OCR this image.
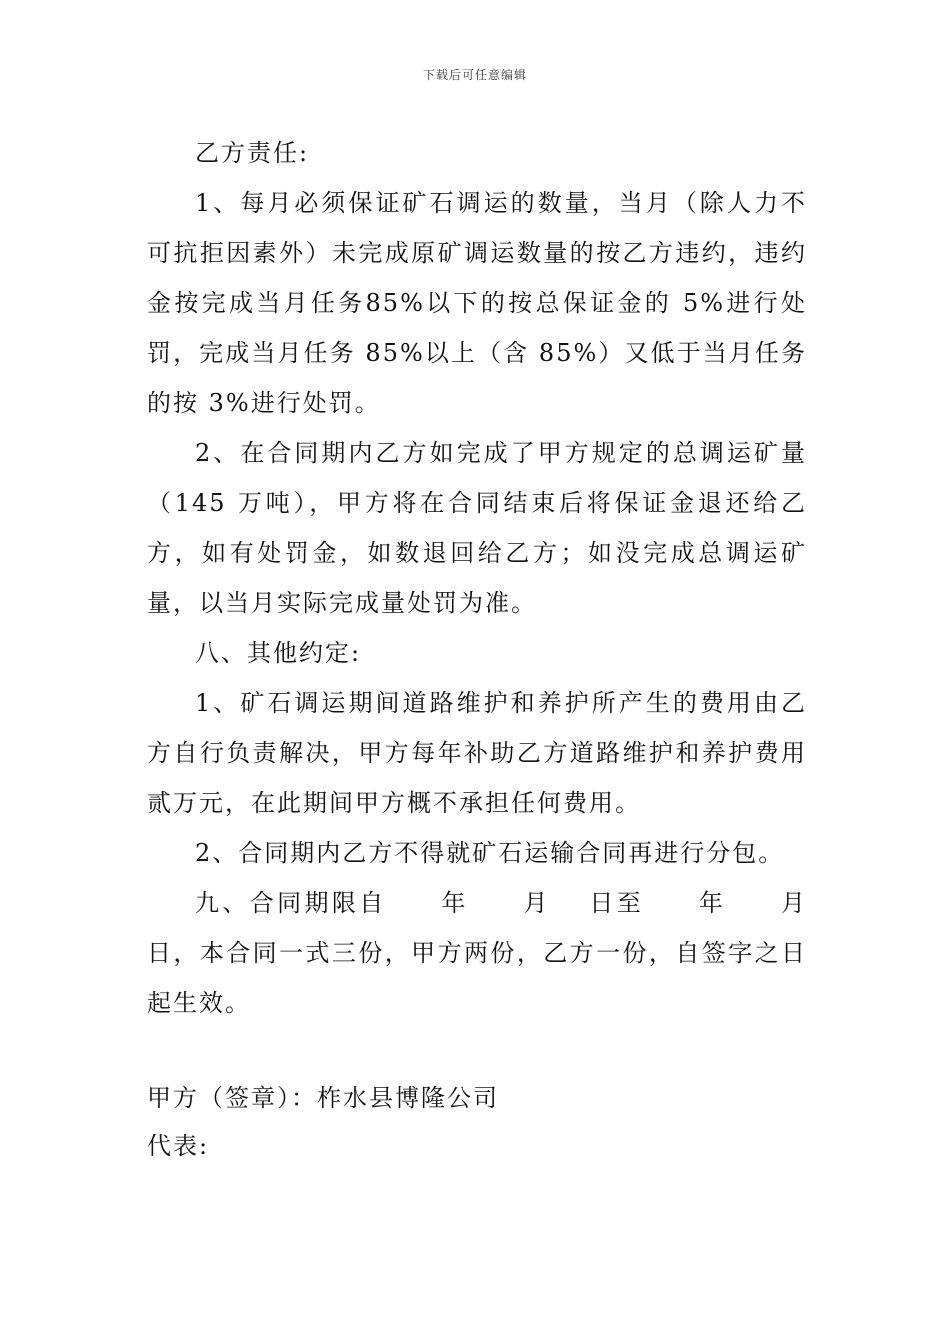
下载后可任意编辑

乙方责任:

1、每月必须保证矿石调运的数量，当月（除人力不可抗拒因素外）未完成原矿调运数量的按乙方违约，违约金按完成当月任务85%以下的按总保证金的 5%进行处罚，完成当月任务 85%以上（含 85%）又低于当月任务的按 3%进行处罚。

2、在合同期内乙方如完成了甲方规定的总调运矿量（145 万吨），甲方将在合同结束后将保证金退还给乙方，如有处罚金，如数退回给乙方；如没完成总调运矿量，以当月实际完成量处罚为准。

八、其他约定:

1、矿石调运期间道路维护和养护所产生的费用由乙方自行负责解决，甲方每年补助乙方道路维护和养护费用贰万元，在此期间甲方概不承担任何费用。

2、合同期内乙方不得就矿石运输合同再进行分包。

九、合同期限自　　年　　月　 日至　　年　　月　 日，本合同一式三份，甲方两份，乙方一份，自签字之日起生效。

甲方（签章）：柞水县博隆公司

代表:
